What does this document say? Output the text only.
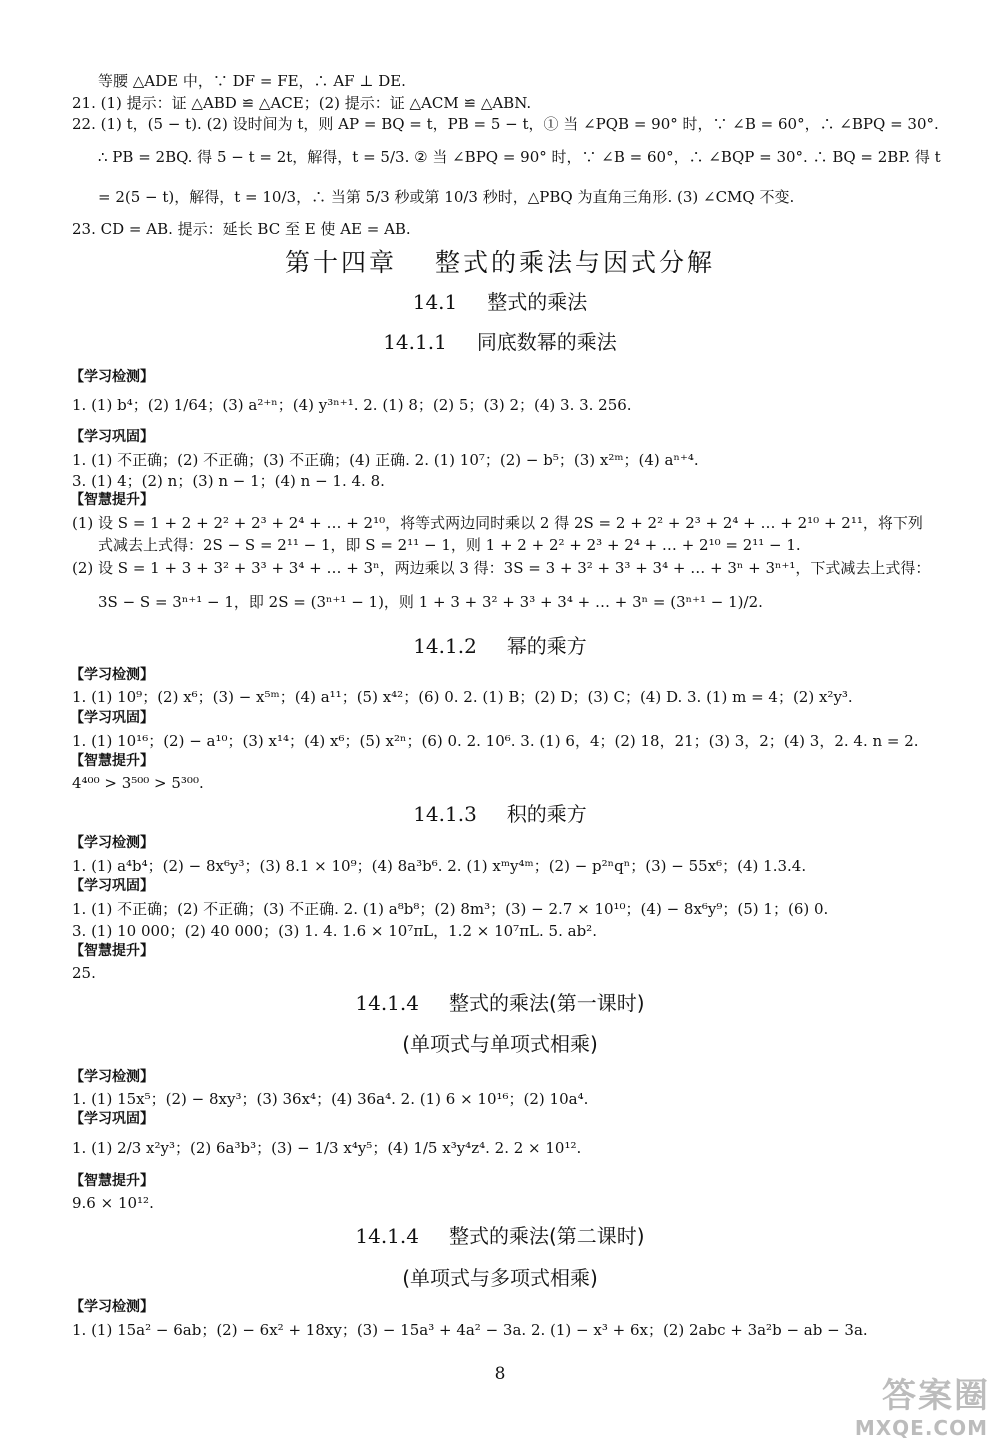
等腰 △ADE 中，∵ DF = FE，∴ AF ⊥ DE.
21. (1) 提示：证 △ABD ≌ △ACE；(2) 提示：证 △ACM ≌ △ABN.
22. (1) t，(5 − t). (2) 设时间为 t，则 AP = BQ = t，PB = 5 − t，① 当 ∠PQB = 90° 时，∵ ∠B = 60°，∴ ∠BPQ = 30°.
∴ PB = 2BQ. 得 5 − t = 2t，解得，t = 5/3. ② 当 ∠BPQ = 90° 时，∵ ∠B = 60°，∴ ∠BQP = 30°. ∴ BQ = 2BP. 得 t
= 2(5 − t)，解得，t = 10/3，∴ 当第 5/3 秒或第 10/3 秒时，△PBQ 为直角三角形. (3) ∠CMQ 不变.
23. CD = AB. 提示：延长 BC 至 E 使 AE = AB.
第十四章 整式的乘法与因式分解
14.1 整式的乘法
14.1.1 同底数幂的乘法
【学习检测】
1. (1) b⁴；(2) 1/64；(3) a²⁺ⁿ；(4) y³ⁿ⁺¹. 2. (1) 8；(2) 5；(3) 2；(4) 3. 3. 256.
【学习巩固】
1. (1) 不正确；(2) 不正确；(3) 不正确；(4) 正确. 2. (1) 10⁷；(2) − b⁵；(3) x²ᵐ；(4) aⁿ⁺⁴.
3. (1) 4；(2) n；(3) n − 1；(4) n − 1. 4. 8.
【智慧提升】
(1) 设 S = 1 + 2 + 2² + 2³ + 2⁴ + … + 2¹⁰，将等式两边同时乘以 2 得 2S = 2 + 2² + 2³ + 2⁴ + … + 2¹⁰ + 2¹¹，将下列
式减去上式得：2S − S = 2¹¹ − 1，即 S = 2¹¹ − 1，则 1 + 2 + 2² + 2³ + 2⁴ + … + 2¹⁰ = 2¹¹ − 1.
(2) 设 S = 1 + 3 + 3² + 3³ + 3⁴ + … + 3ⁿ，两边乘以 3 得：3S = 3 + 3² + 3³ + 3⁴ + … + 3ⁿ + 3ⁿ⁺¹，下式减去上式得：
3S − S = 3ⁿ⁺¹ − 1，即 2S = (3ⁿ⁺¹ − 1)，则 1 + 3 + 3² + 3³ + 3⁴ + … + 3ⁿ = (3ⁿ⁺¹ − 1)/2.
14.1.2 幂的乘方
【学习检测】
1. (1) 10⁹；(2) x⁶；(3) − x⁵ᵐ；(4) a¹¹；(5) x⁴²；(6) 0. 2. (1) B；(2) D；(3) C；(4) D. 3. (1) m = 4；(2) x²y³.
【学习巩固】
1. (1) 10¹⁶；(2) − a¹⁰；(3) x¹⁴；(4) x⁶；(5) x²ⁿ；(6) 0. 2. 10⁶. 3. (1) 6，4；(2) 18，21；(3) 3，2；(4) 3，2. 4. n = 2.
【智慧提升】
4⁴⁰⁰ > 3⁵⁰⁰ > 5³⁰⁰.
14.1.3 积的乘方
【学习检测】
1. (1) a⁴b⁴；(2) − 8x⁶y³；(3) 8.1 × 10⁹；(4) 8a³b⁶. 2. (1) xᵐy⁴ᵐ；(2) − p²ⁿqⁿ；(3) − 55x⁶；(4) 1.3.4.
【学习巩固】
1. (1) 不正确；(2) 不正确；(3) 不正确. 2. (1) a⁸b⁸；(2) 8m³；(3) − 2.7 × 10¹⁰；(4) − 8x⁶y⁹；(5) 1；(6) 0.
3. (1) 10 000；(2) 40 000；(3) 1. 4. 1.6 × 10⁷πL，1.2 × 10⁷πL. 5. ab².
【智慧提升】
25.
14.1.4 整式的乘法(第一课时)
(单项式与单项式相乘)
【学习检测】
1. (1) 15x⁵；(2) − 8xy³；(3) 36x⁴；(4) 36a⁴. 2. (1) 6 × 10¹⁶；(2) 10a⁴.
【学习巩固】
1. (1) 2/3 x²y³；(2) 6a³b³；(3) − 1/3 x⁴y⁵；(4) 1/5 x³y⁴z⁴. 2. 2 × 10¹².
【智慧提升】
9.6 × 10¹².
14.1.4 整式的乘法(第二课时)
(单项式与多项式相乘)
【学习检测】
1. (1) 15a² − 6ab；(2) − 6x² + 18xy；(3) − 15a³ + 4a² − 3a. 2. (1) − x³ + 6x；(2) 2abc + 3a²b − ab − 3a.
8
答案圈
MXQE.COM
